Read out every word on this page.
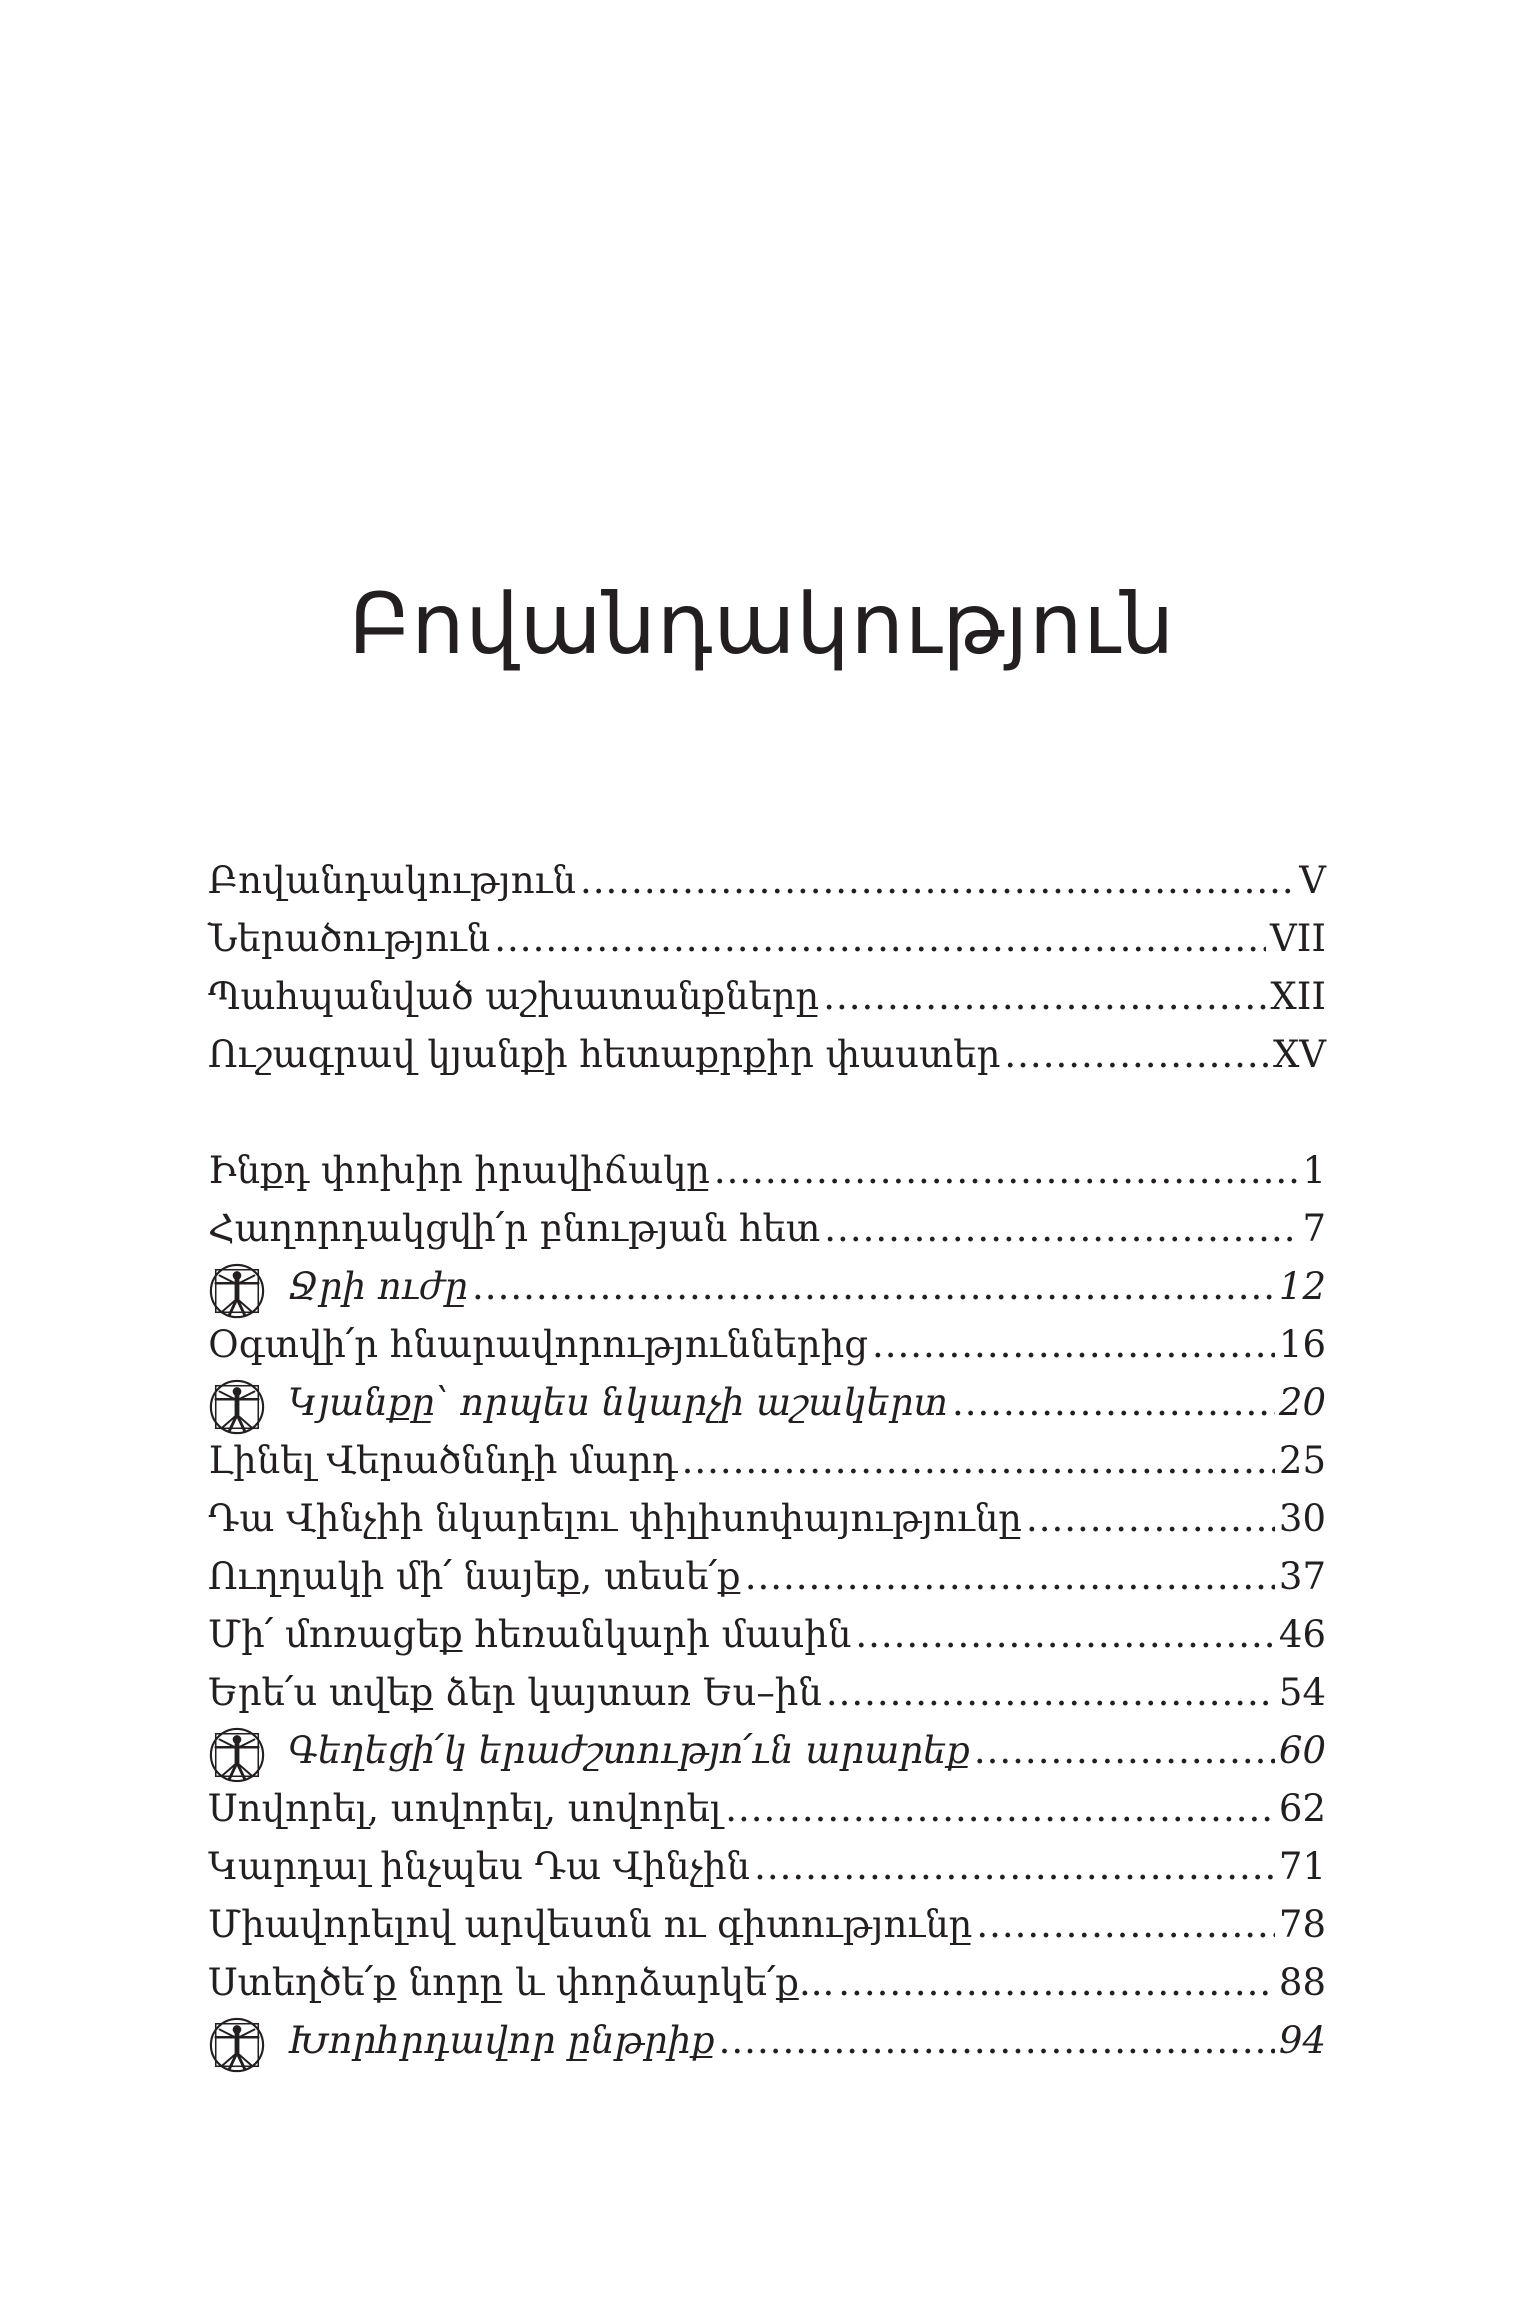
Բովանդակություն
Բովանդակություն .....	V
Ներածություն .....	VII
Պահպանված աշխատանքները .....	XII
Ուշագրավ կյանքի հետաքրքիր փաստեր .....	XV
Ինքդ փոխիր իրավիճակը .....	1
Հաղորդակցվի՛ր բնության հետ .....	7
Ջրի ուժը .....	12
Օգտվի՛ր հնարավորություններից .....	16
Կյանքը՝ որպես նկարչի աշակերտ .....	20
Լինել Վերածննդի մարդ .....	25
Դա Վինչիի նկարելու փիլիսոփայությունը .....	30
Ուղղակի մի՛ նայեք, տեսե՛ք .....	37
Մի՛ մոռացեք հեռանկարի մասին .....	46
Երե՛ս տվեք ձեր կայտառ Ես–ին .....	54
Գեղեցի՛կ երաժշտությո՛ւն արարեք .....	60
Սովորել, սովորել, սովորել .....	62
Կարդալ ինչպես Դա Վինչին .....	71
Միավորելով արվեստն ու գիտությունը .....	78
Ստեղծե՛ք նորը և փորձարկե՛ք... .....	88
Խորհրդավոր ընթրիք .....	94
